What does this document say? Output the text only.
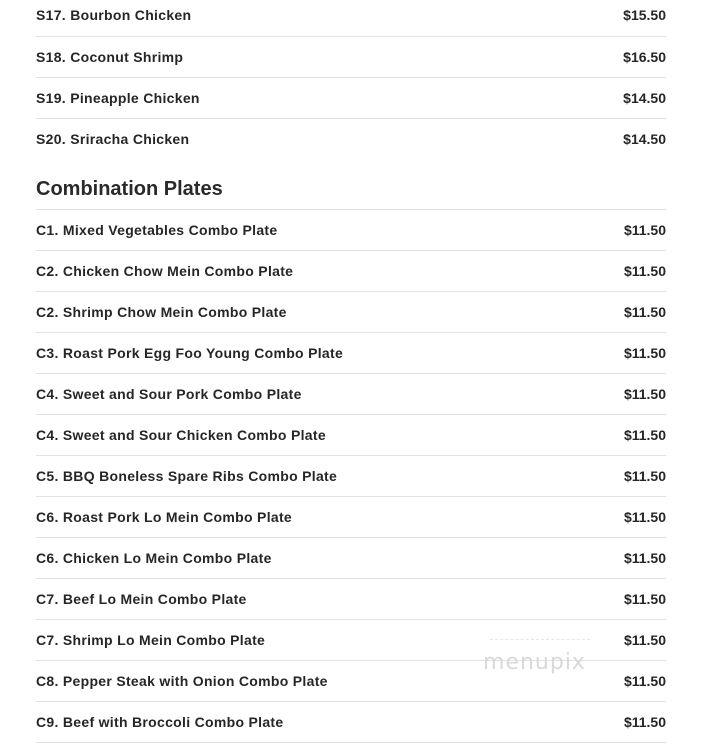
S17. Bourbon Chicken	$15.50
S18. Coconut Shrimp	$16.50
S19. Pineapple Chicken	$14.50
S20. Sriracha Chicken	$14.50
Combination Plates
C1. Mixed Vegetables Combo Plate	$11.50
C2. Chicken Chow Mein Combo Plate	$11.50
C2. Shrimp Chow Mein Combo Plate	$11.50
C3. Roast Pork Egg Foo Young Combo Plate	$11.50
C4. Sweet and Sour Pork Combo Plate	$11.50
C4. Sweet and Sour Chicken Combo Plate	$11.50
C5. BBQ Boneless Spare Ribs Combo Plate	$11.50
C6. Roast Pork Lo Mein Combo Plate	$11.50
C6. Chicken Lo Mein Combo Plate	$11.50
C7. Beef Lo Mein Combo Plate	$11.50
C7. Shrimp Lo Mein Combo Plate	$11.50
C8. Pepper Steak with Onion Combo Plate	$11.50
C9. Beef with Broccoli Combo Plate	$11.50
menupix
